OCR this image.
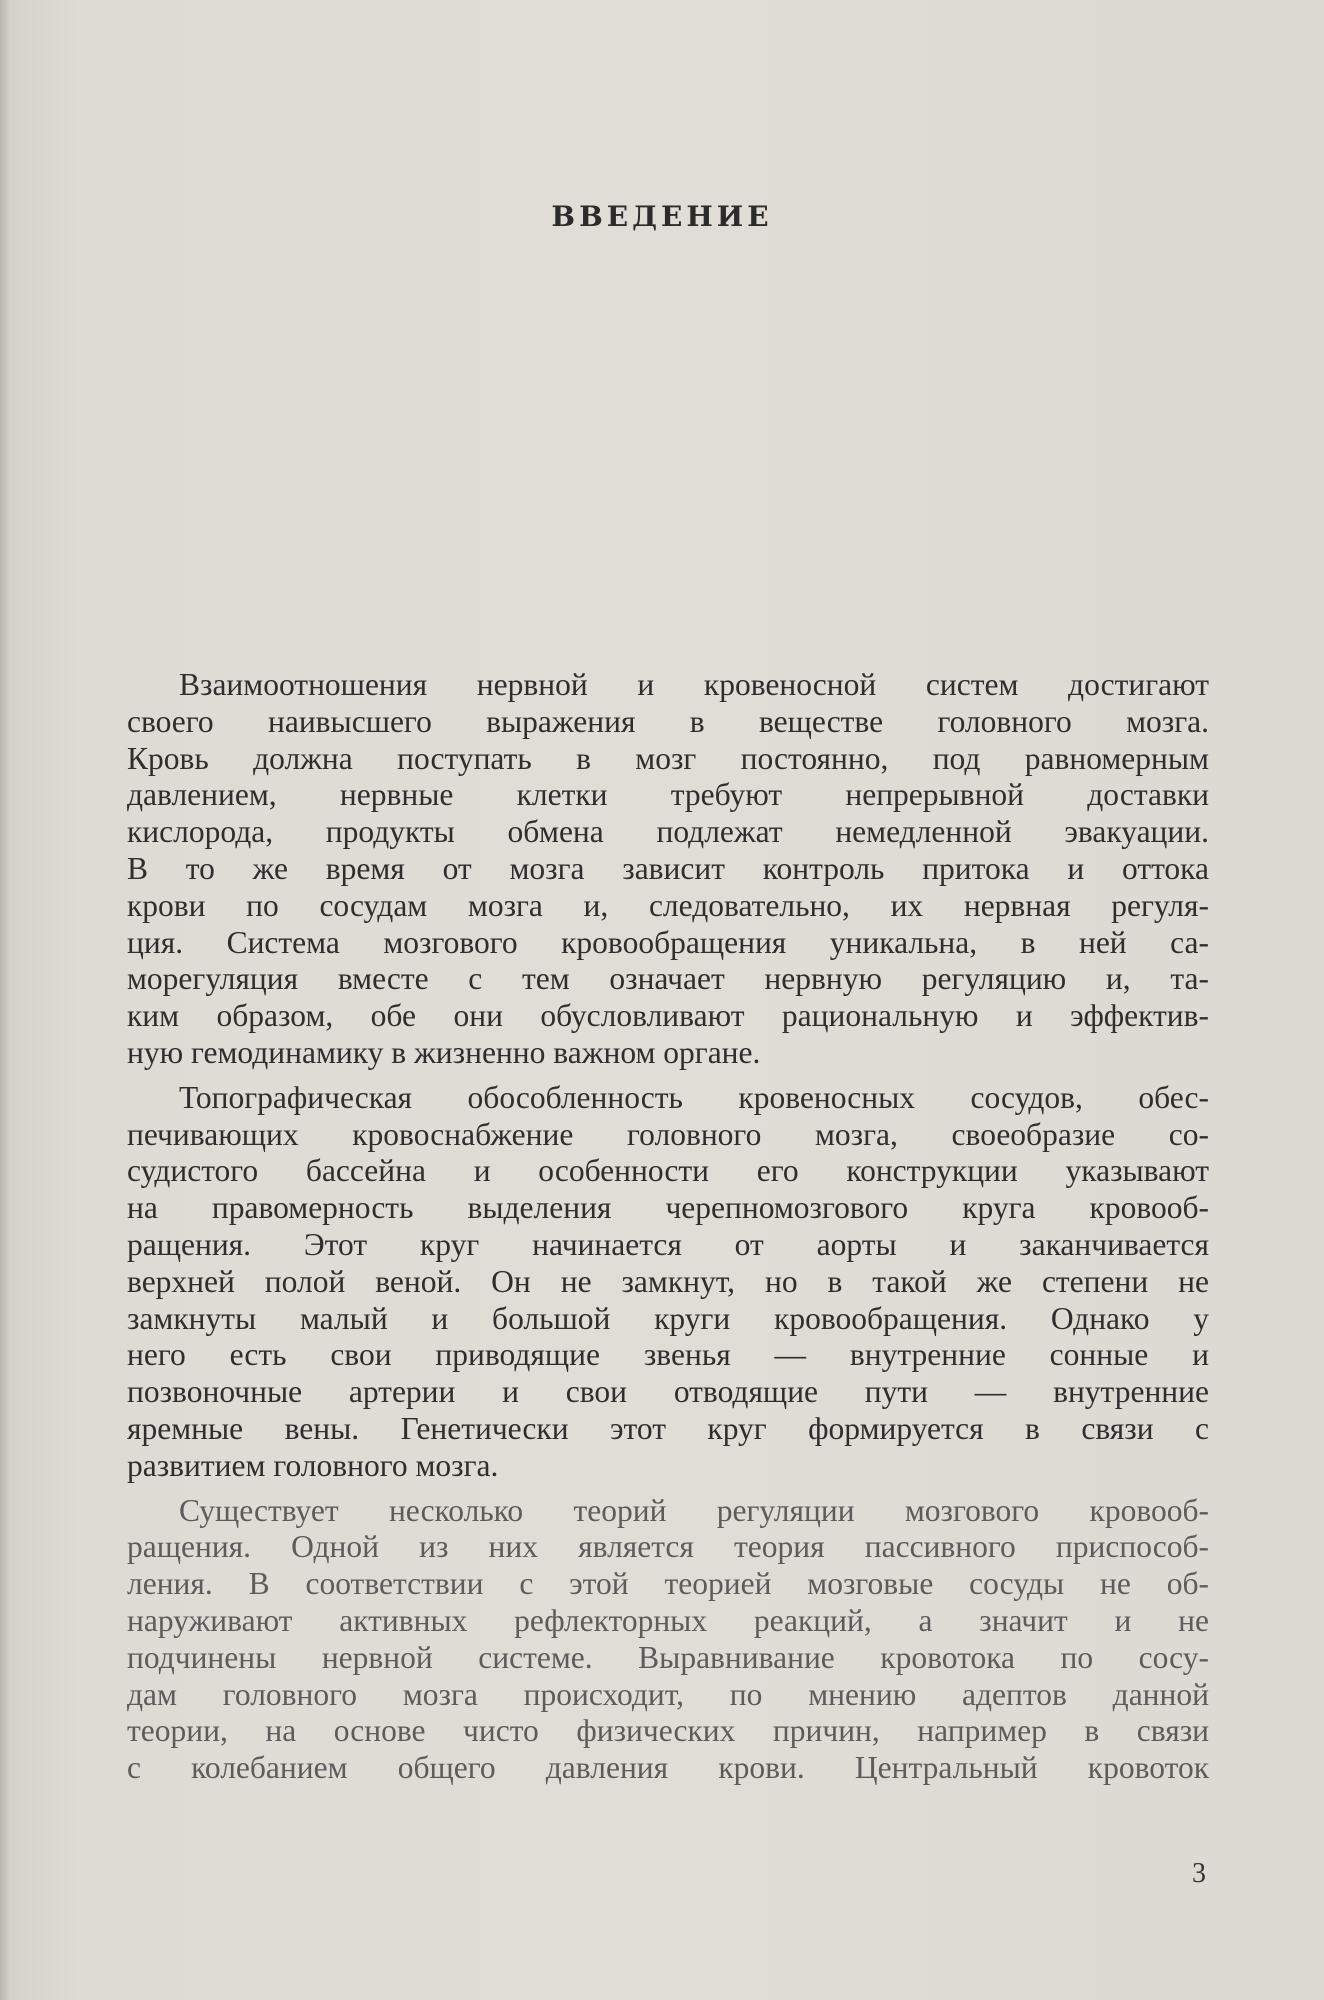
ВВЕДЕНИЕ

Взаимоотношения нервной и кровеносной систем достигают
своего наивысшего выражения в веществе головного мозга.
Кровь должна поступать в мозг постоянно, под равномерным
давлением, нервные клетки требуют непрерывной доставки
кислорода, продукты обмена подлежат немедленной эвакуации.
В то же время от мозга зависит контроль притока и оттока
крови по сосудам мозга и, следовательно, их нервная регуля-
ция. Система мозгового кровообращения уникальна, в ней са-
морегуляция вместе с тем означает нервную регуляцию и, та-
ким образом, обе они обусловливают рациональную и эффектив-
ную гемодинамику в жизненно важном органе.

Топографическая обособленность кровеносных сосудов, обес-
печивающих кровоснабжение головного мозга, своеобразие со-
судистого бассейна и особенности его конструкции указывают
на правомерность выделения черепномозгового круга кровооб-
ращения. Этот круг начинается от аорты и заканчивается
верхней полой веной. Он не замкнут, но в такой же степени не
замкнуты малый и большой круги кровообращения. Однако у
него есть свои приводящие звенья — внутренние сонные и
позвоночные артерии и свои отводящие пути — внутренние
яремные вены. Генетически этот круг формируется в связи с
развитием головного мозга.

Существует несколько теорий регуляции мозгового кровооб-
ращения. Одной из них является теория пассивного приспособ-
ления. В соответствии с этой теорией мозговые сосуды не об-
наруживают активных рефлекторных реакций, а значит и не
подчинены нервной системе. Выравнивание кровотока по сосу-
дам головного мозга происходит, по мнению адептов данной
теории, на основе чисто физических причин, например в связи
с колебанием общего давления крови. Центральный кровоток

3
